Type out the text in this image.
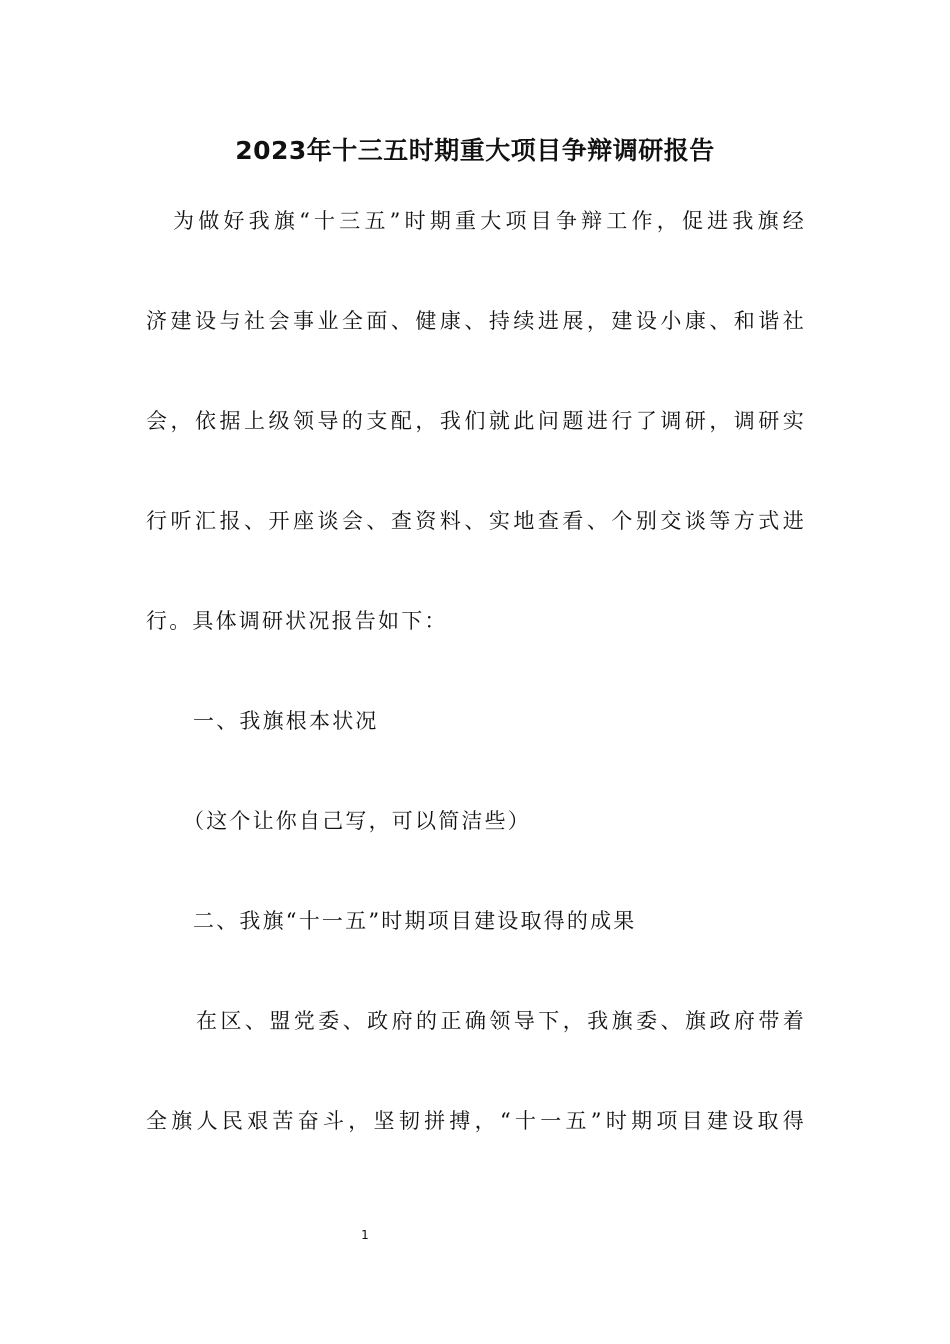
2023年十三五时期重大项目争辩调研报告
为做好我旗“十三五”时期重大项目争辩工作，促进我旗经
济建设与社会事业全面、健康、持续进展，建设小康、和谐社
会，依据上级领导的支配，我们就此问题进行了调研，调研实
行听汇报、开座谈会、查资料、实地查看、个别交谈等方式进
行。具体调研状况报告如下：
一、我旗根本状况
（这个让你自己写，可以简洁些）
二、我旗“十一五”时期项目建设取得的成果
在区、盟党委、政府的正确领导下，我旗委、旗政府带着
全旗人民艰苦奋斗，坚韧拼搏，“十一五”时期项目建设取得
1
